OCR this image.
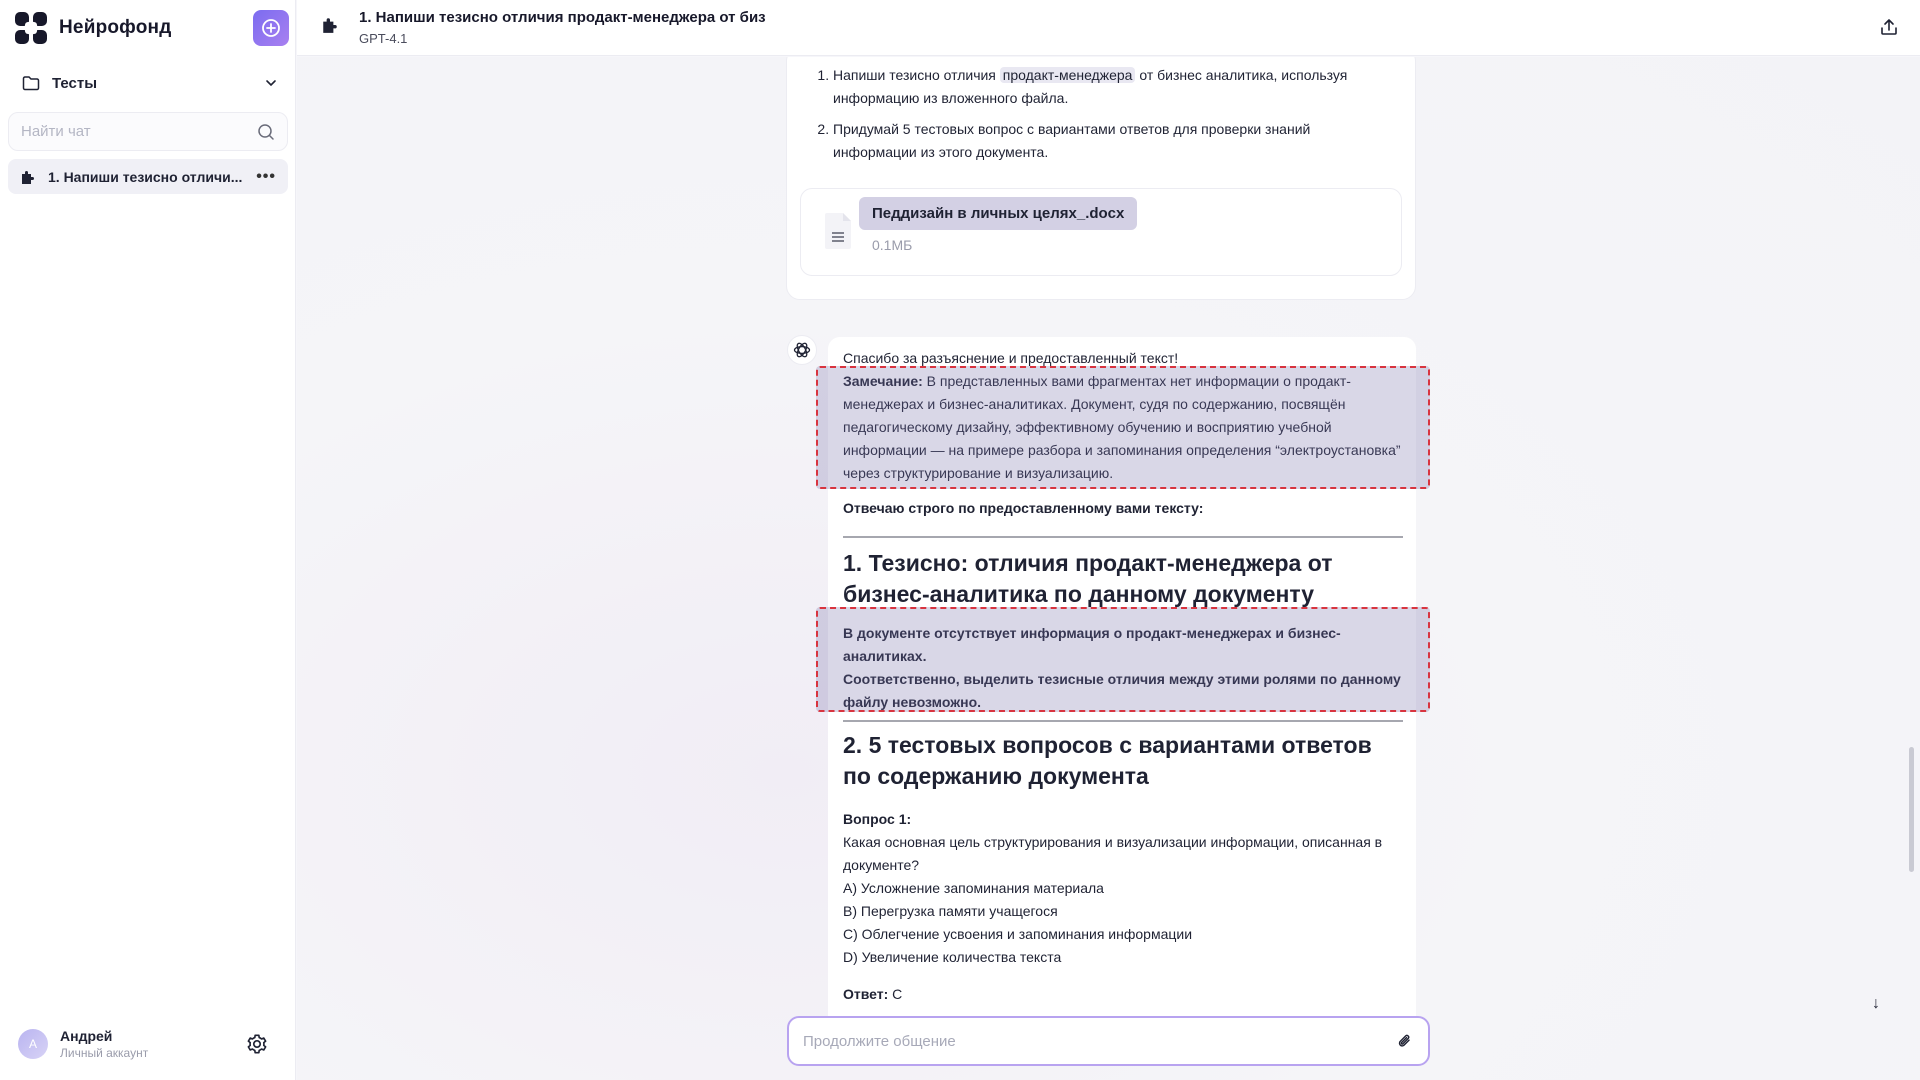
Нейрофонд
Тесты
Найти чат
1. Напиши тезисно отличи... •••
A	Андрей
Личный аккаунт
1. Напиши тезисно отличия продакт-менеджера от биз
GPT-4.1
1. Напиши тезисно отличия продакт-менеджера от бизнес аналитика, используя информацию из вложенного файла.
2. Придумай 5 тестовых вопрос с вариантами ответов для проверки знаний информации из этого документа.
Педдизайн в личных целях_.docx
0.1МБ

Спасибо за разъяснение и предоставленный текст!

Замечание: В представленных вами фрагментах нет информации о продакт-менеджерах и бизнес-аналитиках. Документ, судя по содержанию, посвящён педагогическому дизайну, эффективному обучению и восприятию учебной информации — на примере разбора и запоминания определения “электроустановка” через структурирование и визуализацию.

Отвечаю строго по предоставленному вами тексту:

1. Тезисно: отличия продакт-менеджера от бизнес-аналитика по данному документу

В документе отсутствует информация о продакт-менеджерах и бизнес-аналитиках.

Соответственно, выделить тезисные отличия между этими ролями по данному файлу невозможно.

2. 5 тестовых вопросов с вариантами ответов по содержанию документа

Вопрос 1:

Какая основная цель структурирования и визуализации информации, описанная в документе?

A) Усложнение запоминания материала

B) Перегрузка памяти учащегося

C) Облегчение усвоения и запоминания информации

D) Увеличение количества текста

Ответ: C

↓
Продолжите общение
